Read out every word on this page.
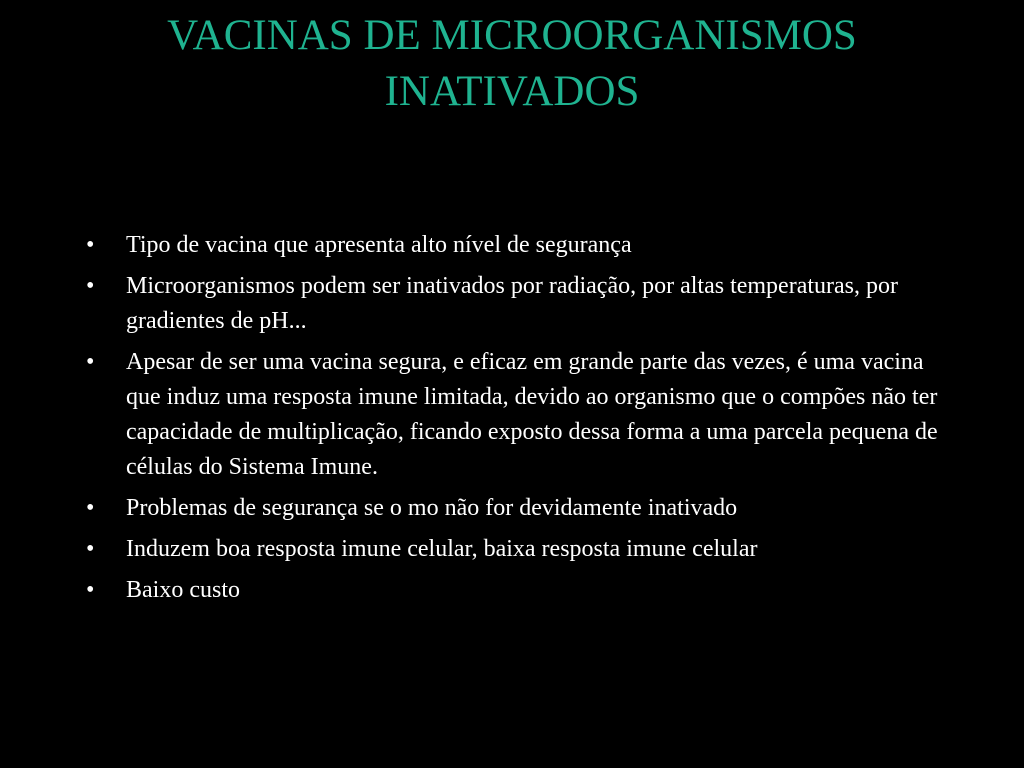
VACINAS DE MICROORGANISMOS
INATIVADOS
•	Tipo de vacina que apresenta alto nível de segurança
•	Microorganismos podem ser inativados por radiação, por altas temperaturas, por gradientes de pH...
•	Apesar de ser uma vacina segura, e eficaz em grande parte das vezes, é uma vacina que induz uma resposta imune limitada, devido ao organismo que o compões não ter capacidade de multiplicação, ficando exposto dessa forma a uma parcela pequena de células do Sistema Imune.
•	Problemas de segurança se o mo não for devidamente inativado
•	Induzem boa resposta imune celular, baixa resposta imune celular
•	Baixo custo
